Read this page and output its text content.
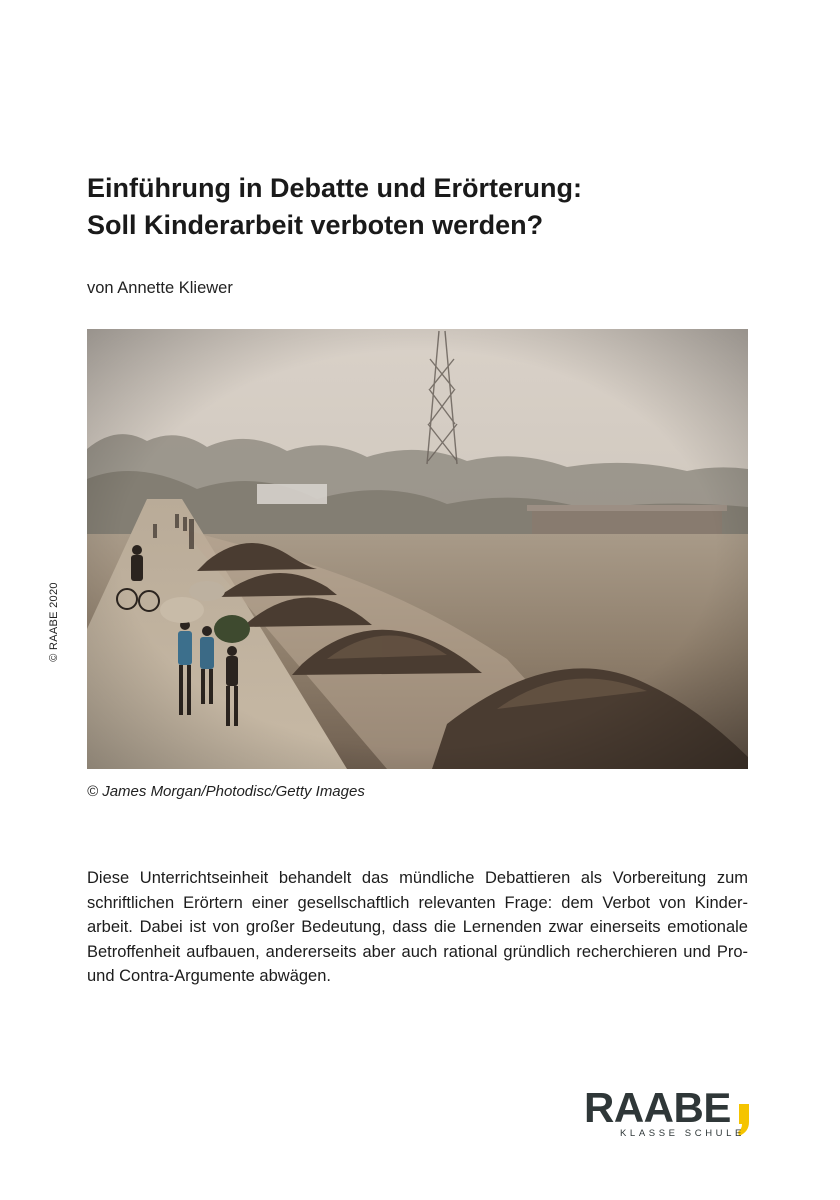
© RAABE 2020
Einführung in Debatte und Erörterung:
Soll Kinderarbeit verboten werden?
von Annette Kliewer
© James Morgan/Photodisc/Getty Images

Diese Unterrichtseinheit behandelt das mündliche Debattieren als Vorbereitung zum schriftlichen Erörtern einer gesellschaftlich relevanten Frage: dem Verbot von Kinderarbeit. Dabei ist von großer Bedeutung, dass die Lernenden zwar einerseits emotionale Betroffenheit aufbauen, andererseits aber auch rational gründlich recherchieren und Pro- und Contra-Argumente abwägen.

RAABE
KLASSE SCHULE
